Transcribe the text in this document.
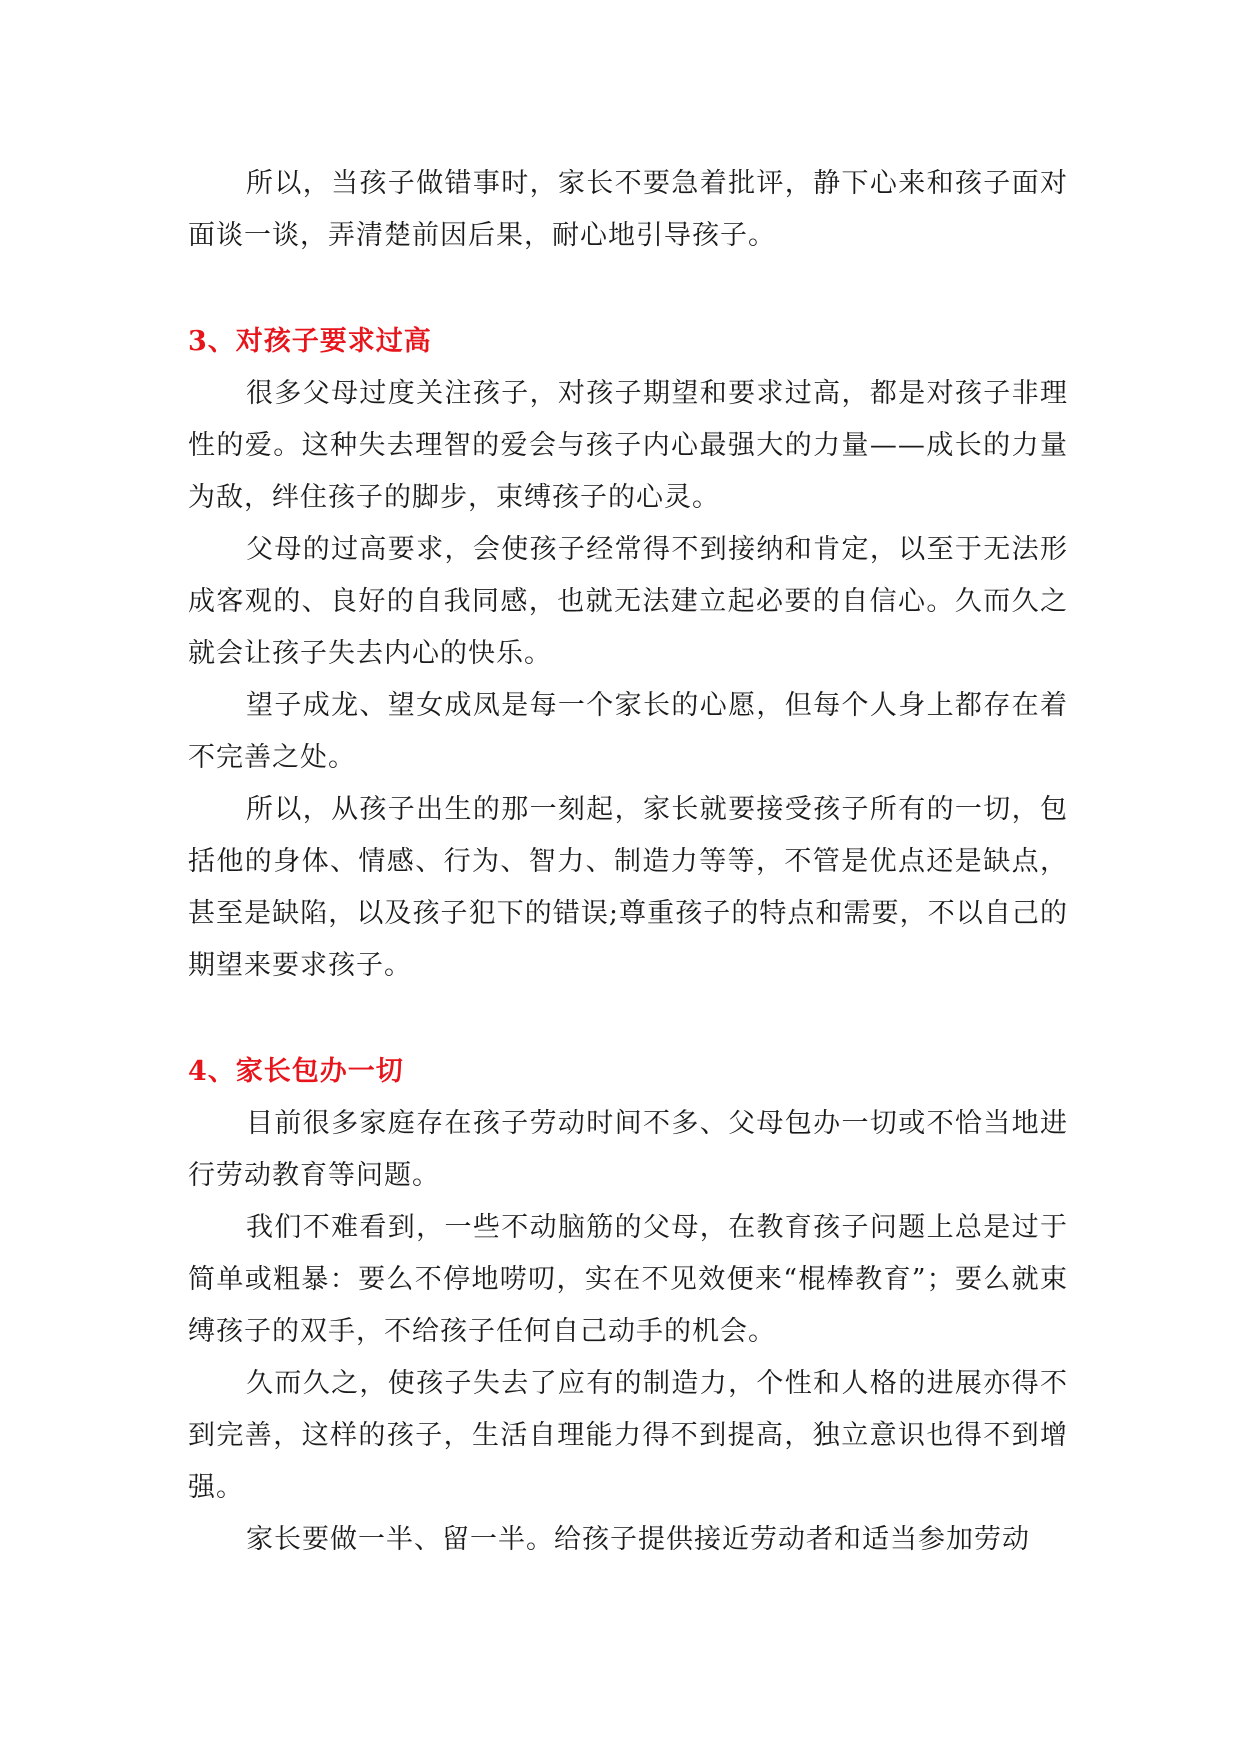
所以，当孩子做错事时，家长不要急着批评，静下心来和孩子面对面谈一谈，弄清楚前因后果，耐心地引导孩子。

3、对孩子要求过高

很多父母过度关注孩子，对孩子期望和要求过高，都是对孩子非理性的爱。这种失去理智的爱会与孩子内心最强大的力量——成长的力量为敌，绊住孩子的脚步，束缚孩子的心灵。

父母的过高要求，会使孩子经常得不到接纳和肯定，以至于无法形成客观的、良好的自我同感，也就无法建立起必要的自信心。久而久之就会让孩子失去内心的快乐。

望子成龙、望女成凤是每一个家长的心愿，但每个人身上都存在着不完善之处。

所以，从孩子出生的那一刻起，家长就要接受孩子所有的一切，包括他的身体、情感、行为、智力、制造力等等，不管是优点还是缺点，甚至是缺陷，以及孩子犯下的错误;尊重孩子的特点和需要，不以自己的期望来要求孩子。

4、家长包办一切

目前很多家庭存在孩子劳动时间不多、父母包办一切或不恰当地进行劳动教育等问题。

我们不难看到，一些不动脑筋的父母，在教育孩子问题上总是过于简单或粗暴：要么不停地唠叨，实在不见效便来“棍棒教育”；要么就束缚孩子的双手，不给孩子任何自己动手的机会。

久而久之，使孩子失去了应有的制造力，个性和人格的进展亦得不到完善，这样的孩子，生活自理能力得不到提高，独立意识也得不到增强。

家长要做一半、留一半。给孩子提供接近劳动者和适当参加劳动
